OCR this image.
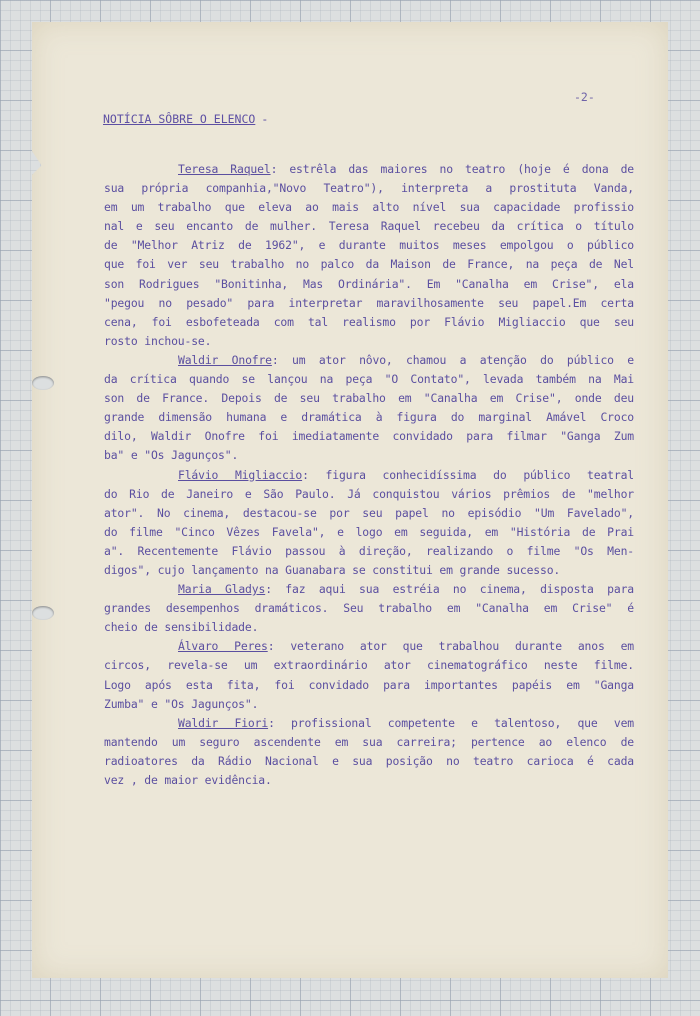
-2-

NOTÍCIA SÔBRE O ELENCO -

Teresa Raquel: estrêla das maiores no teatro (hoje é dona de

sua própria companhia,"Novo Teatro"), interpreta a prostituta Vanda,

em um trabalho que eleva ao mais alto nível sua capacidade profissio

nal e seu encanto de mulher. Teresa Raquel recebeu da crítica o título

de "Melhor Atriz de 1962", e durante muitos meses empolgou o público

que foi ver seu trabalho no palco da Maison de France, na peça de Nel

son Rodrigues "Bonitinha, Mas Ordinária". Em "Canalha em Crise", ela

"pegou no pesado" para interpretar maravilhosamente seu papel.Em certa

cena, foi esbofeteada com tal realismo por Flávio Migliaccio que seu

rosto inchou-se.

Waldir Onofre: um ator nôvo, chamou a atenção do público e

da crítica quando se lançou na peça "O Contato", levada também na Mai

son de France. Depois de seu trabalho em "Canalha em Crise", onde deu

grande dimensão humana e dramática à figura do marginal Amável Croco

dilo, Waldir Onofre foi imediatamente convidado para filmar "Ganga Zum

ba" e "Os Jagunços".

Flávio Migliaccio: figura conhecidíssima do público teatral

do Rio de Janeiro e São Paulo. Já conquistou vários prêmios de "melhor

ator". No cinema, destacou-se por seu papel no episódio "Um Favelado",

do filme "Cinco Vêzes Favela", e logo em seguida, em "História de Prai

a". Recentemente Flávio passou à direção, realizando o filme "Os Men-

digos", cujo lançamento na Guanabara se constitui em grande sucesso.

Maria Gladys: faz aqui sua estréia no cinema, disposta para

grandes desempenhos dramáticos. Seu trabalho em "Canalha em Crise" é

cheio de sensibilidade.

Álvaro Peres: veterano ator que trabalhou durante anos em

circos, revela-se um extraordinário ator cinematográfico neste filme.

Logo após esta fita, foi convidado para importantes papéis em "Ganga

Zumba" e "Os Jagunços".

Waldir Fiori: profissional competente e talentoso, que vem

mantendo um seguro ascendente em sua carreira; pertence ao elenco de

radioatores da Rádio Nacional e sua posição no teatro carioca é cada

vez , de maior evidência.
